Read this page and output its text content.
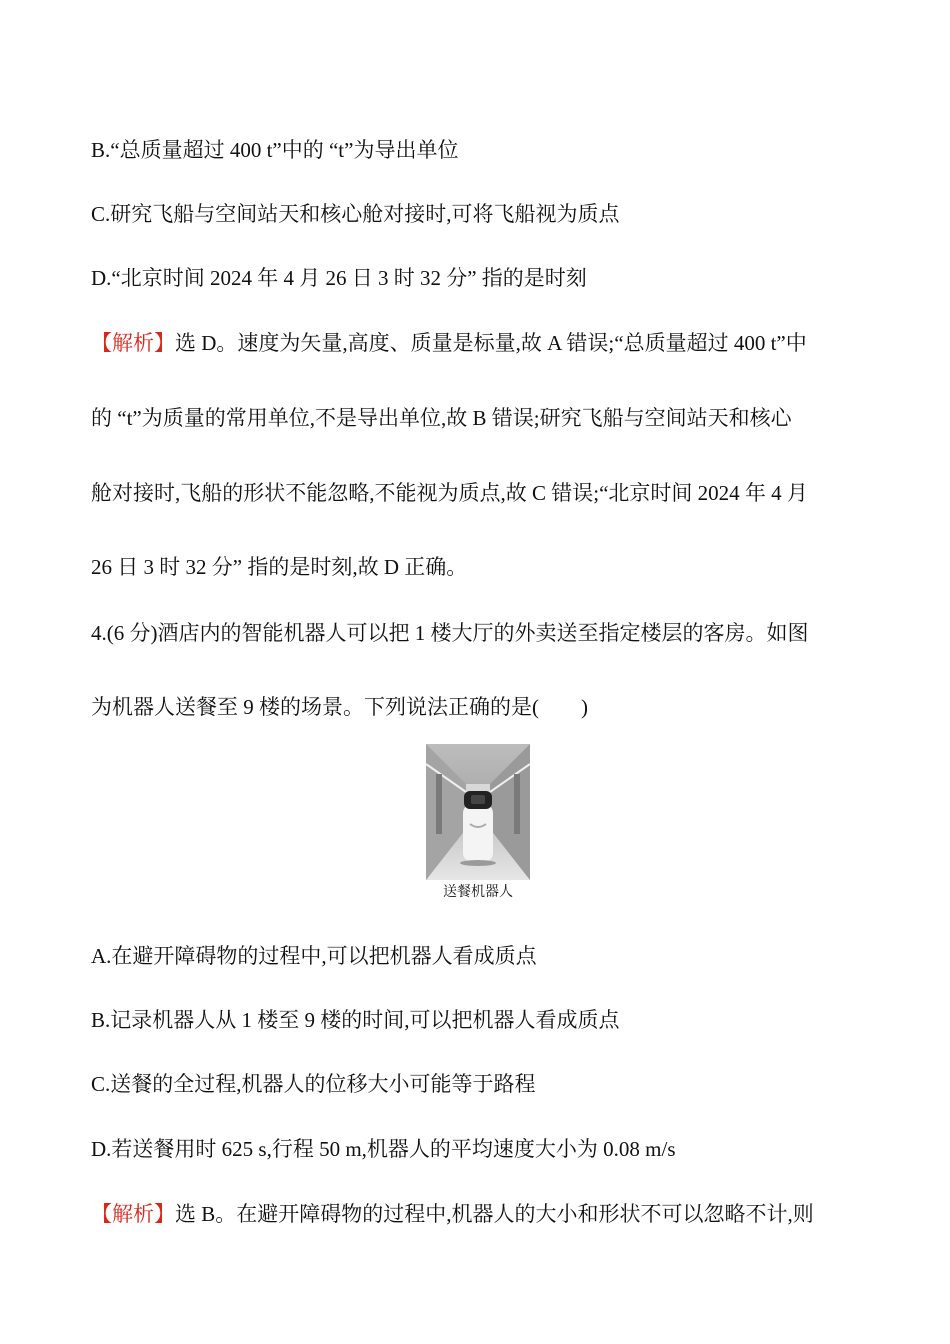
B.“总质量超过 400 t”中的 “t”为导出单位
C.研究飞船与空间站天和核心舱对接时,可将飞船视为质点
D.“北京时间 2024 年 4 月 26 日 3 时 32 分” 指的是时刻
【解析】选 D。速度为矢量,高度、质量是标量,故 A 错误;“总质量超过 400 t”中
的 “t”为质量的常用单位,不是导出单位,故 B 错误;研究飞船与空间站天和核心
舱对接时,飞船的形状不能忽略,不能视为质点,故 C 错误;“北京时间 2024 年 4 月
26 日 3 时 32 分” 指的是时刻,故 D 正确。
4.(6 分)酒店内的智能机器人可以把 1 楼大厅的外卖送至指定楼层的客房。如图
为机器人送餐至 9 楼的场景。下列说法正确的是(　　)
送餐机器人
A.在避开障碍物的过程中,可以把机器人看成质点
B.记录机器人从 1 楼至 9 楼的时间,可以把机器人看成质点
C.送餐的全过程,机器人的位移大小可能等于路程
D.若送餐用时 625 s,行程 50 m,机器人的平均速度大小为 0.08 m/s
【解析】选 B。在避开障碍物的过程中,机器人的大小和形状不可以忽略不计,则
